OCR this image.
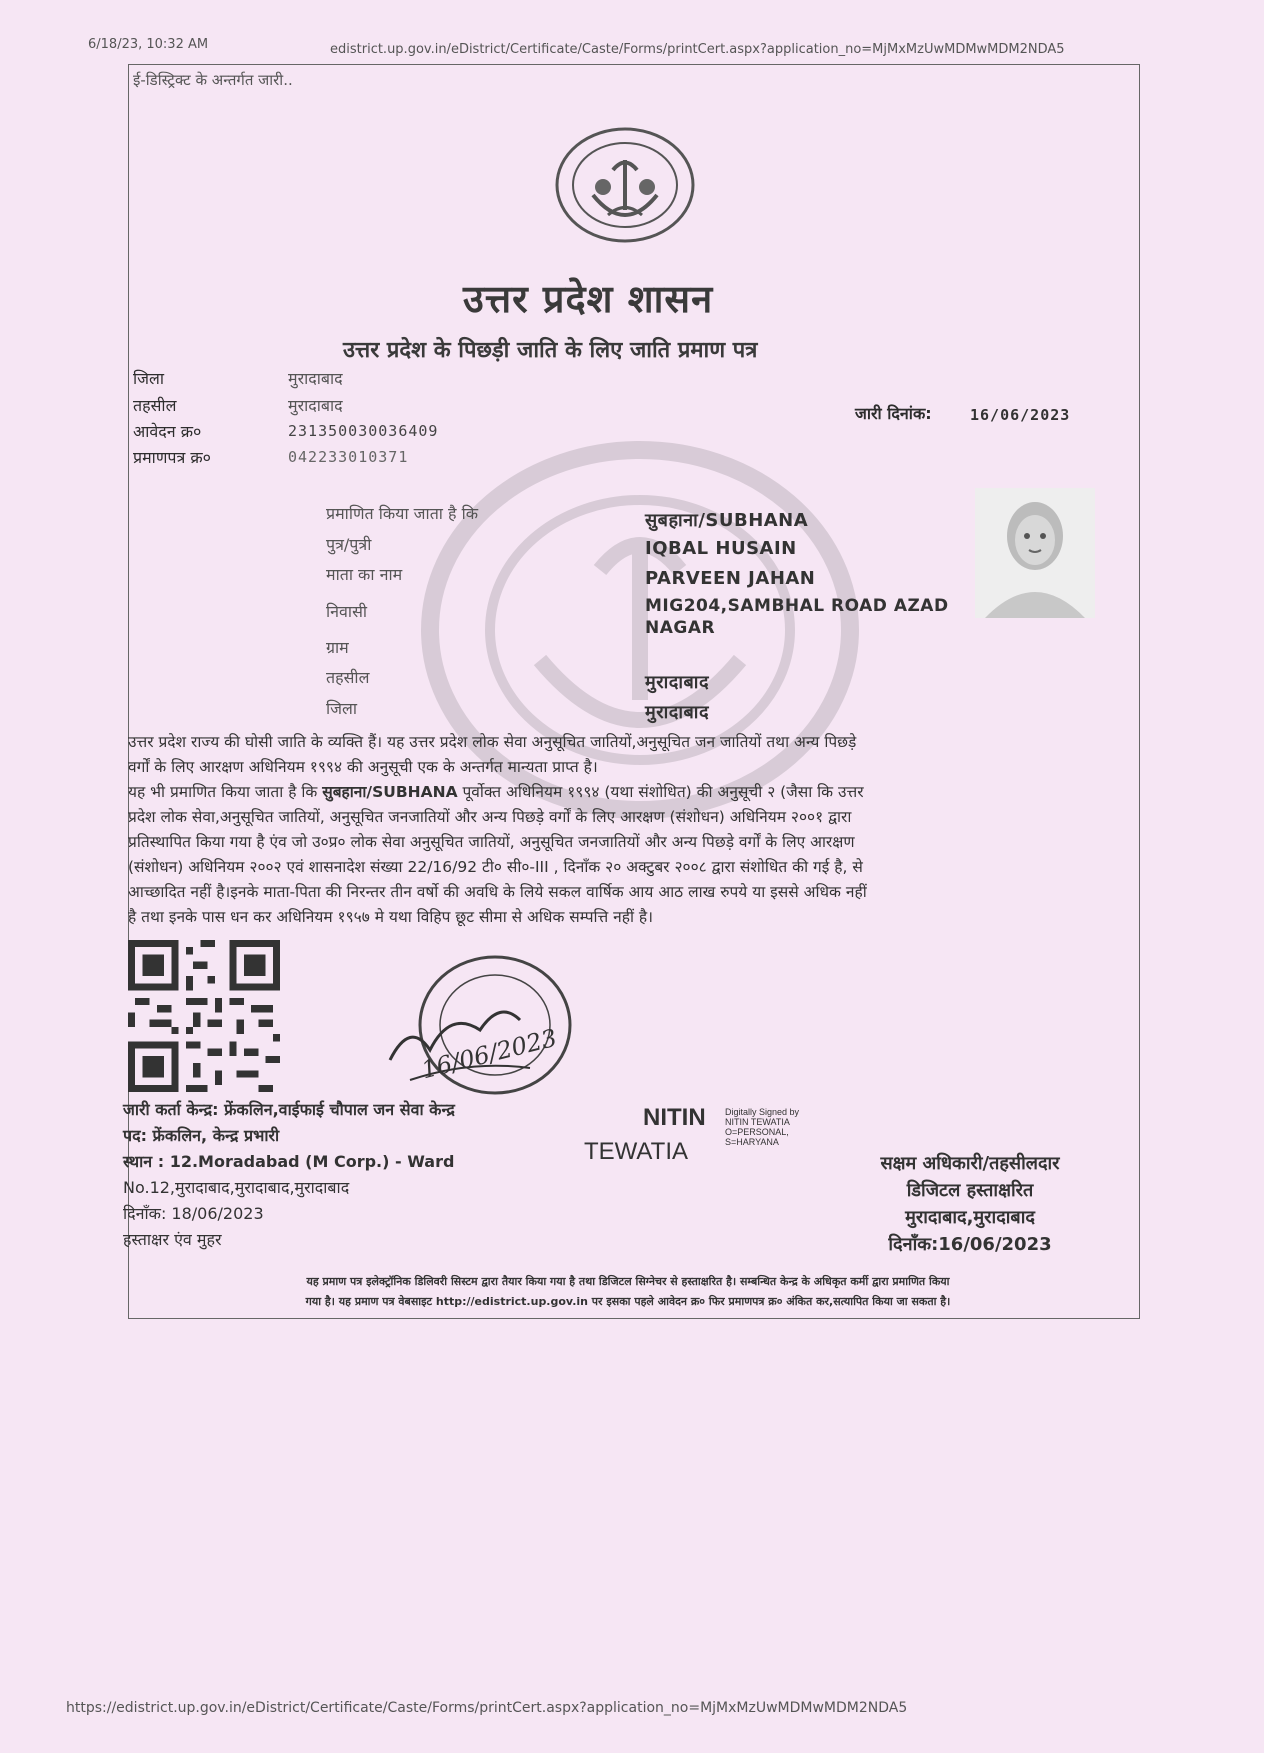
6/18/23, 10:32 AM	edistrict.up.gov.in/eDistrict/Certificate/Caste/Forms/printCert.aspx?application_no=MjMxMzUwMDMwMDM2NDA5
ई-डिस्ट्रिक्ट के अन्तर्गत जारी..
उत्तर प्रदेश शासन
उत्तर प्रदेश के पिछड़ी जाति के लिए जाति प्रमाण पत्र
जिला	मुरादाबाद
तहसील	मुरादाबाद
आवेदन क्र०	231350030036409
प्रमाणपत्र क्र०	042233010371
जारी दिनांक:	16/06/2023
प्रमाणित किया जाता है कि	सुबहाना/SUBHANA
पुत्र/पुत्री	IQBAL HUSAIN
माता का नाम	PARVEEN JAHAN
निवासी	MIG204,SAMBHAL ROAD AZAD
NAGAR
ग्राम
तहसील	मुरादाबाद
जिला	मुरादाबाद
उत्तर प्रदेश राज्य की घोसी जाति के व्यक्ति हैं। यह उत्तर प्रदेश लोक सेवा अनुसूचित जातियों,अनुसूचित जन जातियों तथा अन्य पिछड़े
वर्गों के लिए आरक्षण अधिनियम १९९४ की अनुसूची एक के अन्तर्गत मान्यता प्राप्त है।
यह भी प्रमाणित किया जाता है कि सुबहाना/SUBHANA पूर्वोक्त अधिनियम १९९४ (यथा संशोधित) की अनुसूची २ (जैसा कि उत्तर
प्रदेश लोक सेवा,अनुसूचित जातियों, अनुसूचित जनजातियों और अन्य पिछड़े वर्गों के लिए आरक्षण (संशोधन) अधिनियम २००१ द्वारा
प्रतिस्थापित किया गया है एंव जो उ०प्र० लोक सेवा अनुसूचित जातियों, अनुसूचित जनजातियों और अन्य पिछड़े वर्गों के लिए आरक्षण
(संशोधन) अधिनियम २००२ एवं शासनादेश संख्या 22/16/92 टी० सी०-III , दिनाँक २० अक्टुबर २००८ द्वारा संशोधित की गई है, से
आच्छादित नहीं है।इनके माता-पिता की निरन्तर तीन वर्षो की अवधि के लिये सकल वार्षिक आय आठ लाख रुपये या इससे अधिक नहीं
है तथा इनके पास धन कर अधिनियम १९५७ मे यथा विहिप छूट सीमा से अधिक सम्पत्ति नहीं है।
16/06/2023
जारी कर्ता केन्द्र: फ्रेंकलिन,वाईफाई चौपाल जन सेवा केन्द्र
पद: फ्रेंकलिन, केन्द्र प्रभारी
स्थान : 12.Moradabad (M Corp.) - Ward
No.12,मुरादाबाद,मुरादाबाद,मुरादाबाद
दिनाँक: 18/06/2023
हस्ताक्षर एंव मुहर
NITIN
TEWATIA
Digitally Signed by
NITIN TEWATIA
O=PERSONAL,
S=HARYANA
सक्षम अधिकारी/तहसीलदार
डिजिटल हस्ताक्षरित
मुरादाबाद,मुरादाबाद
दिनाँक:16/06/2023
यह प्रमाण पत्र इलेक्ट्रॉनिक डिलिवरी सिस्टम द्वारा तैयार किया गया है तथा डिजिटल सिग्नेचर से हस्ताक्षरित है। सम्बन्धित केन्द्र के अधिकृत कर्मी द्वारा प्रमाणित किया
गया है। यह प्रमाण पत्र वेबसाइट http://edistrict.up.gov.in पर इसका पहले आवेदन क्र० फिर प्रमाणपत्र क्र० अंकित कर,सत्यापित किया जा सकता है।
https://edistrict.up.gov.in/eDistrict/Certificate/Caste/Forms/printCert.aspx?application_no=MjMxMzUwMDMwMDM2NDA5
